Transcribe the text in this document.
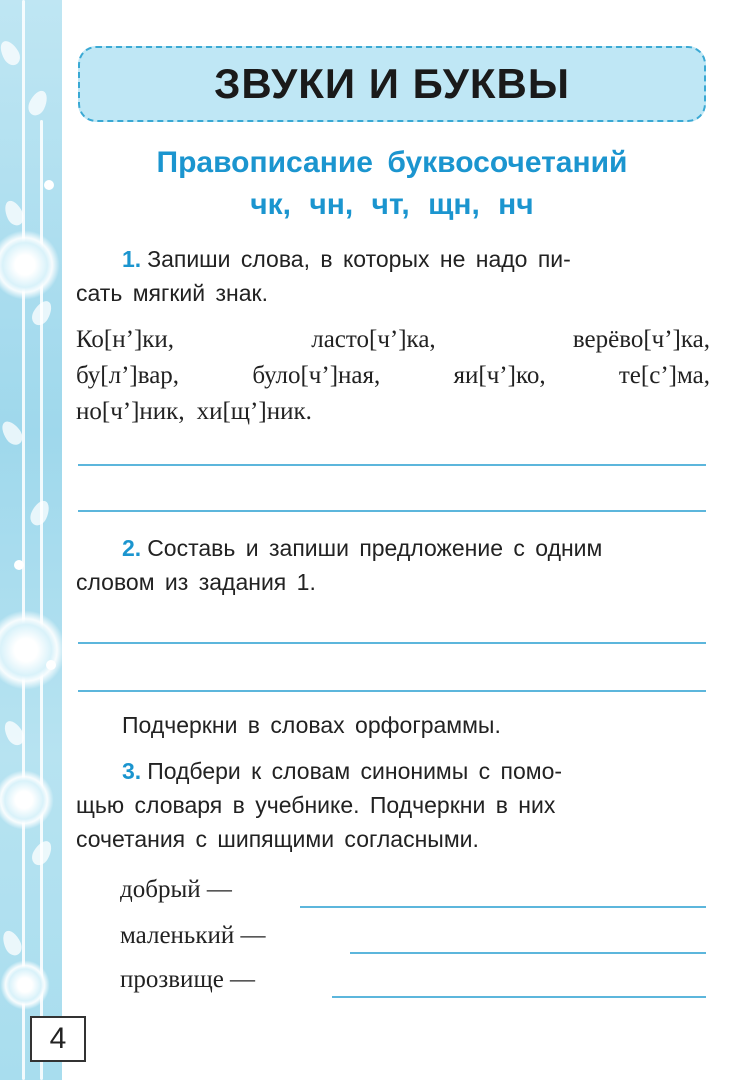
ЗВУКИ И БУКВЫ
Правописание буквосочетаний
чк, чн, чт, щн, нч
1. Запиши слова, в которых не надо пи-
сать мягкий знак.
Ко[н’]ки,	ласто[ч’]ка,	верёво[ч’]ка,
бу[л’]вар,	було[ч’]ная,	яи[ч’]ко,	те[с’]ма,
но[ч’]ник, хи[щ’]ник.
2. Составь и запиши предложение с одним
словом из задания 1.
Подчеркни в словах орфограммы.
3. Подбери к словам синонимы с помо-
щью словаря в учебнике. Подчеркни в них
сочетания с шипящими согласными.
добрый —
маленький —
прозвище —
4
